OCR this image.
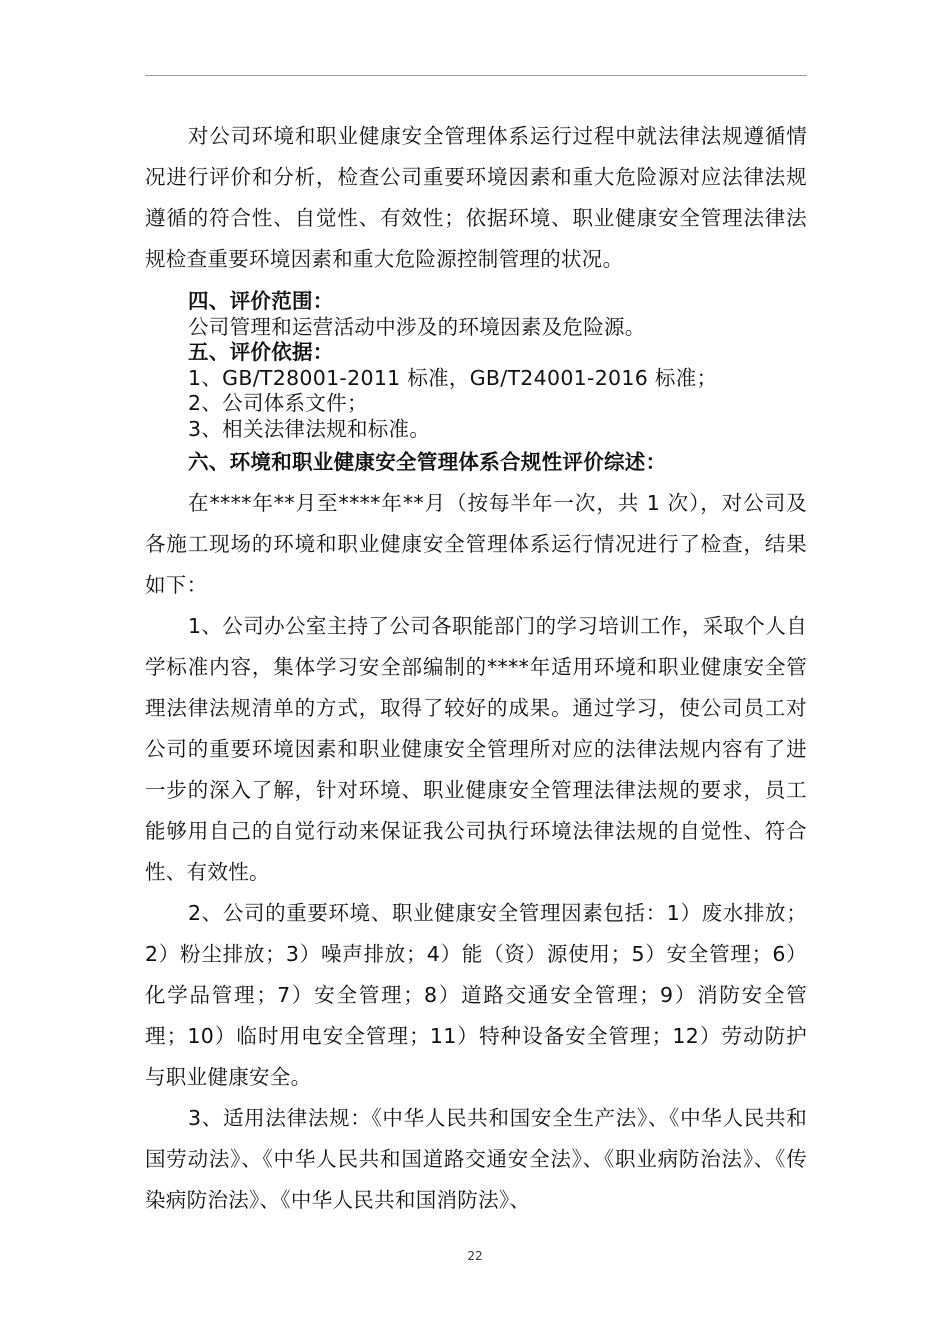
对公司环境和职业健康安全管理体系运行过程中就法律法规遵循情况进行评价和分析，检查公司重要环境因素和重大危险源对应法律法规遵循的符合性、自觉性、有效性；依据环境、职业健康安全管理法律法规检查重要环境因素和重大危险源控制管理的状况。

四、评价范围：

公司管理和运营活动中涉及的环境因素及危险源。

五、评价依据：

1、GB/T28001-2011 标准，GB/T24001-2016 标准；

2、公司体系文件；

3、相关法律法规和标准。

六、环境和职业健康安全管理体系合规性评价综述：

在****年**月至****年**月（按每半年一次，共 1 次），对公司及各施工现场的环境和职业健康安全管理体系运行情况进行了检查，结果如下：

1、公司办公室主持了公司各职能部门的学习培训工作，采取个人自学标准内容，集体学习安全部编制的****年适用环境和职业健康安全管理法律法规清单的方式，取得了较好的成果。通过学习，使公司员工对公司的重要环境因素和职业健康安全管理所对应的法律法规内容有了进一步的深入了解，针对环境、职业健康安全管理法律法规的要求，员工能够用自己的自觉行动来保证我公司执行环境法律法规的自觉性、符合性、有效性。

2、公司的重要环境、职业健康安全管理因素包括：1）废水排放；2）粉尘排放；3）噪声排放；4）能（资）源使用；5）安全管理；6）化学品管理；7）安全管理；8）道路交通安全管理；9）消防安全管理；10）临时用电安全管理；11）特种设备安全管理；12）劳动防护与职业健康安全。

3、适用法律法规：《中华人民共和国安全生产法》、《中华人民共和国劳动法》、《中华人民共和国道路交通安全法》、《职业病防治法》、《传染病防治法》、《中华人民共和国消防法》、

22
